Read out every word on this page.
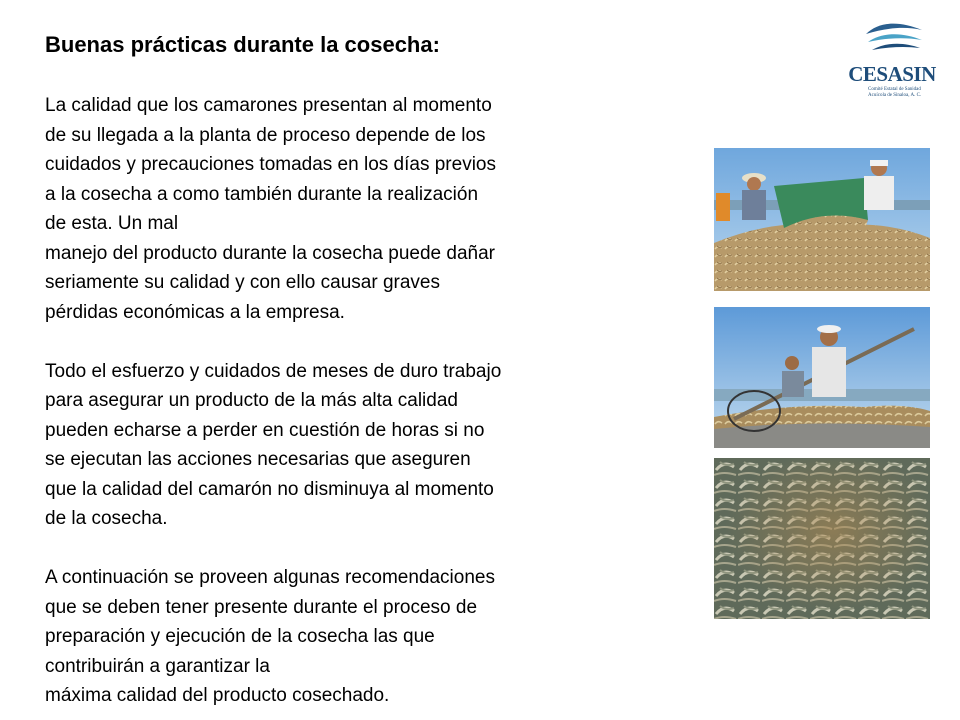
Buenas prácticas durante la cosecha:
La calidad que los camarones presentan al momento
de su llegada a la planta de proceso depende de los
cuidados y precauciones tomadas en los días previos
a la cosecha a como también durante la realización
de esta. Un mal
manejo del producto durante la cosecha puede dañar
seriamente su calidad y con ello causar graves
pérdidas económicas a la empresa.
Todo el esfuerzo y cuidados de meses de duro trabajo
para asegurar un producto de la más alta calidad
pueden echarse a perder en cuestión de horas si no
se ejecutan las acciones necesarias que aseguren
que la calidad del camarón no disminuya al momento
de la cosecha.
A continuación se proveen algunas recomendaciones
que se deben tener presente durante el proceso de
preparación y ejecución de la cosecha las que
contribuirán a garantizar la
máxima calidad del producto cosechado.
CESASIN
Comité Estatal de Sanidad
Acuícola de Sinaloa, A. C.
